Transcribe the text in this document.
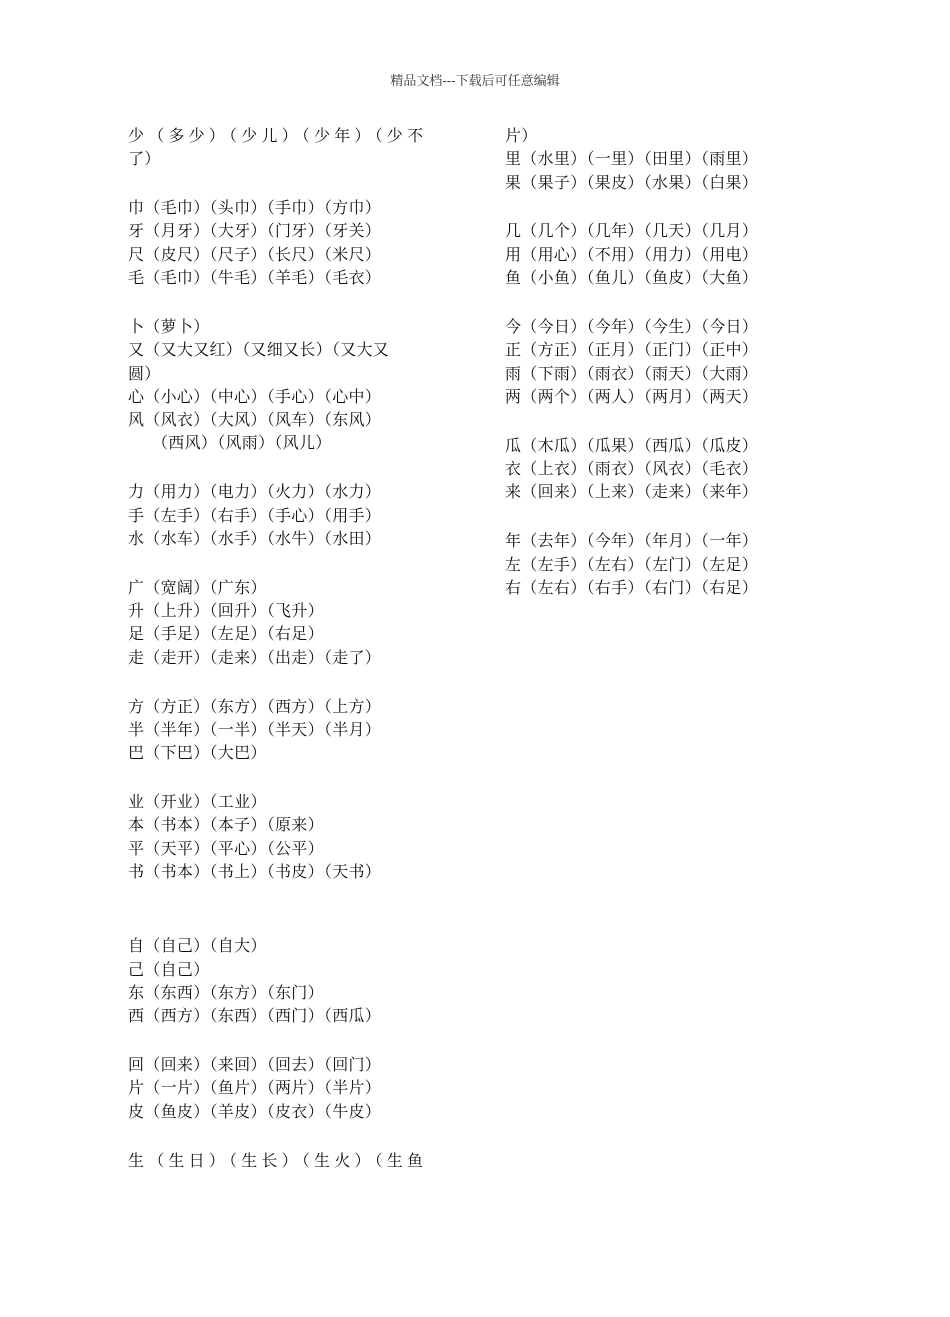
精品文档---下载后可任意编辑
少（多少）（少儿）（少年）（少不
了）
巾（毛巾）（头巾）（手巾）（方巾）
牙（月牙）（大牙）（门牙）（牙关）
尺（皮尺）（尺子）（长尺）（米尺）
毛（毛巾）（牛毛）（羊毛）（毛衣）
卜（萝卜）
又（又大又红）（又细又长）（又大又
圆）
心（小心）（中心）（手心）（心中）
风（风衣）（大风）（风车）（东风）
（西风）（风雨）（风儿）
力（用力）（电力）（火力）（水力）
手（左手）（右手）（手心）（用手）
水（水车）（水手）（水牛）（水田）
广（宽阔）（广东）
升（上升）（回升）（飞升）
足（手足）（左足）（右足）
走（走开）（走来）（出走）（走了）
方（方正）（东方）（西方）（上方）
半（半年）（一半）（半天）（半月）
巴（下巴）（大巴）
业（开业）（工业）
本（书本）（本子）（原来）
平（天平）（平心）（公平）
书（书本）（书上）（书皮）（天书）
自（自己）（自大）
己（自己）
东（东西）（东方）（东门）
西（西方）（东西）（西门）（西瓜）
回（回来）（来回）（回去）（回门）
片（一片）（鱼片）（两片）（半片）
皮（鱼皮）（羊皮）（皮衣）（牛皮）
生（生日）（生长）（生火）（生鱼
片）
里（水里）（一里）（田里）（雨里）
果（果子）（果皮）（水果）（白果）
几（几个）（几年）（几天）（几月）
用（用心）（不用）（用力）（用电）
鱼（小鱼）（鱼儿）（鱼皮）（大鱼）
今（今日）（今年）（今生）（今日）
正（方正）（正月）（正门）（正中）
雨（下雨）（雨衣）（雨天）（大雨）
两（两个）（两人）（两月）（两天）
瓜（木瓜）（瓜果）（西瓜）（瓜皮）
衣（上衣）（雨衣）（风衣）（毛衣）
来（回来）（上来）（走来）（来年）
年（去年）（今年）（年月）（一年）
左（左手）（左右）（左门）（左足）
右（左右）（右手）（右门）（右足）
